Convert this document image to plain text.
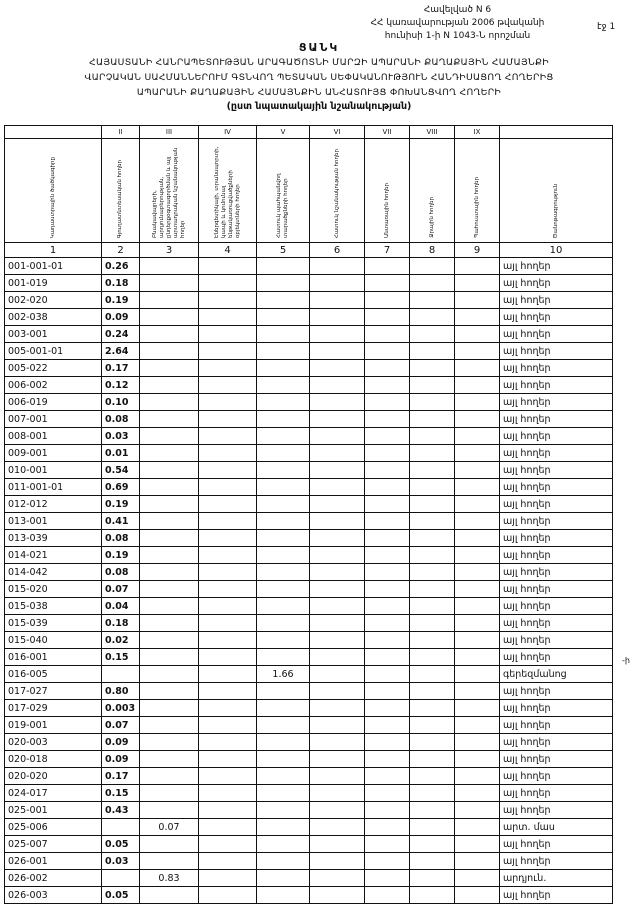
Հավելված N 6
ՀՀ կառավարության 2006 թվականի
հունիսի 1-ի N 1043-Ն որոշման
էջ 1
ՑԱՆԿ
ՀԱՅԱՍՏԱՆԻ ՀԱՆՐԱՊԵՏՈՒԹՅԱՆ ԱՐԱԳԱԾՈՏՆԻ ՄԱՐԶԻ ԱՊԱՐԱՆԻ ՔԱՂԱՔԱՅԻՆ ՀԱՄԱՅՆՔԻ
ՎԱՐՉԱԿԱՆ ՍԱՀՄԱՆՆԵՐՈՒՄ ԳՏՆՎՈՂ ՊԵՏԱԿԱՆ ՍԵՓԱԿԱՆՈՒԹՅՈՒՆ ՀԱՆԴԻՍԱՑՈՂ ՀՈՂԵՐԻՑ
ԱՊԱՐԱՆԻ ՔԱՂԱՔԱՅԻՆ ՀԱՄԱՅՆՔԻՆ ԱՆՀԱՏՈՒՅՑ ՓՈԽԱՆՑՎՈՂ ՀՈՂԵՐԻ
(ըստ նպատակային նշանակության)
-ի
	II	III	IV	V	VI	VII	VIII	IX	

Կադաստրային ծածկագիրը	Գյուղատնտեսական հողեր	Բնակավայրերի, արդյունաբերության, ընդերքօգտագործման և այլ արտադրական նշանակության հողեր	Էներգետիկայի, տրանսպորտի, կապի և կոմունալ ենթակառուցվածքների օբյեկտների հողեր	Հատուկ պահպանվող տարածքների հողեր	Հատուկ նշանակության հողեր	Անտառային հողեր	Ջրային հողեր	Պահուստային հողեր	Ծանոթագրություն

1	2	3	4	5	6	7	8	9	10
001-001-01	0.26								այլ հողեր
001-019	0.18								այլ հողեր
002-020	0.19								այլ հողեր
002-038	0.09								այլ հողեր
003-001	0.24								այլ հողեր
005-001-01	2.64								այլ հողեր
005-022	0.17								այլ հողեր
006-002	0.12								այլ հողեր
006-019	0.10								այլ հողեր
007-001	0.08								այլ հողեր
008-001	0.03								այլ հողեր
009-001	0.01								այլ հողեր
010-001	0.54								այլ հողեր
011-001-01	0.69								այլ հողեր
012-012	0.19								այլ հողեր
013-001	0.41								այլ հողեր
013-039	0.08								այլ հողեր
014-021	0.19								այլ հողեր
014-042	0.08								այլ հողեր
015-020	0.07								այլ հողեր
015-038	0.04								այլ հողեր
015-039	0.18								այլ հողեր
015-040	0.02								այլ հողեր
016-001	0.15								այլ հողեր
016-005				1.66					գերեզմանոց
017-027	0.80								այլ հողեր
017-029	0.003								այլ հողեր
019-001	0.07								այլ հողեր
020-003	0.09								այլ հողեր
020-018	0.09								այլ հողեր
020-020	0.17								այլ հողեր
024-017	0.15								այլ հողեր
025-001	0.43								այլ հողեր
025-006		0.07							արտ. մաս
025-007	0.05								այլ հողեր
026-001	0.03								այլ հողեր
026-002		0.83							արդյուն.
026-003	0.05								այլ հողեր
